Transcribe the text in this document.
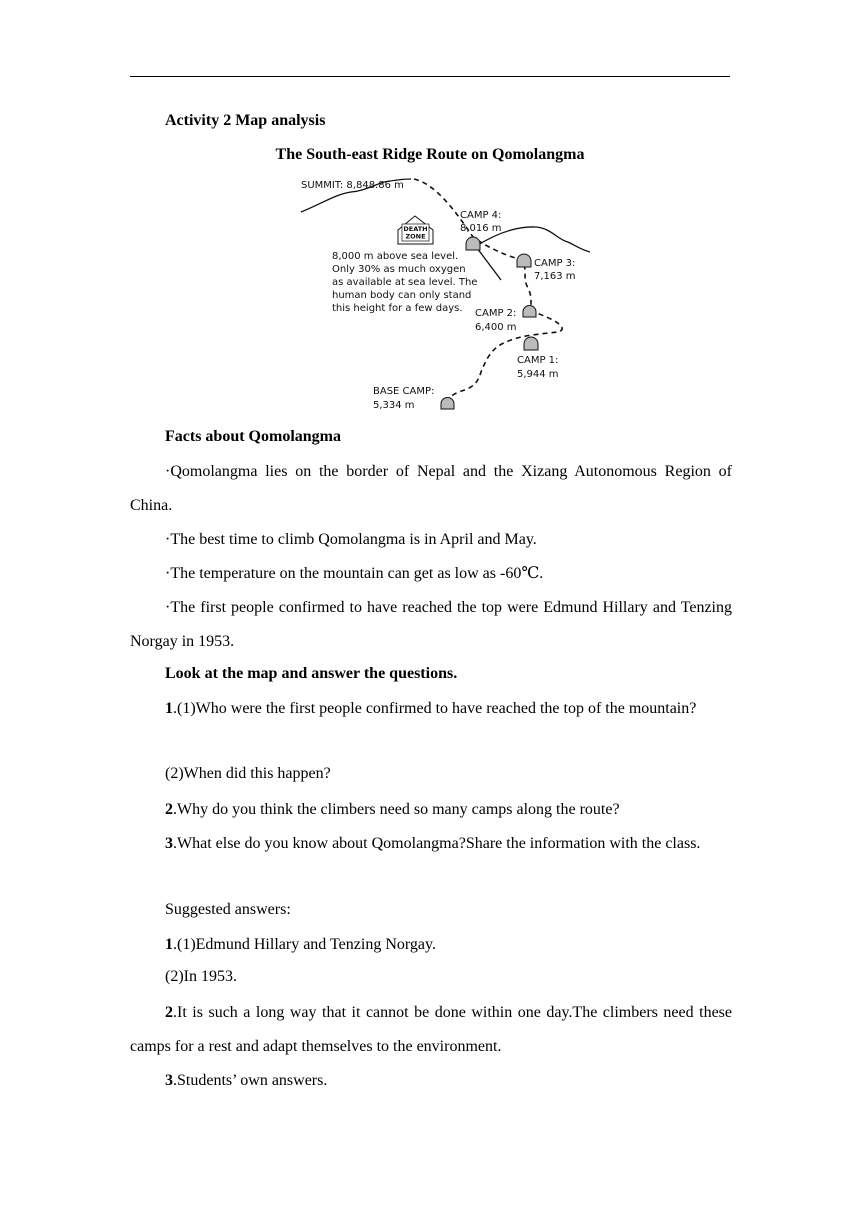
Activity 2 Map analysis
The South-east Ridge Route on Qomolangma
DEATH
ZONE
SUMMIT: 8,848.86 m
CAMP 4:
8,016 m
CAMP 3:
7,163 m
CAMP 2:
6,400 m
CAMP 1:
5,944 m
BASE CAMP:
5,334 m
8,000 m above sea level.
Only 30% as much oxygen
as available at sea level. The
human body can only stand
this height for a few days.
Facts about Qomolangma
·Qomolangma lies on the border of Nepal and the Xizang Autonomous Region of China.
·The best time to climb Qomolangma is in April and May.
·The temperature on the mountain can get as low as -60℃.
·The first people confirmed to have reached the top were Edmund Hillary and Tenzing Norgay in 1953.
Look at the map and answer the questions.
1.(1)Who were the first people confirmed to have reached the top of the mountain?
(2)When did this happen?
2.Why do you think the climbers need so many camps along the route?
3.What else do you know about Qomolangma?Share the information with the class.
Suggested answers:
1.(1)Edmund Hillary and Tenzing Norgay.
(2)In 1953.
2.It is such a long way that it cannot be done within one day.The climbers need these camps for a rest and adapt themselves to the environment.
3.Students’ own answers.
